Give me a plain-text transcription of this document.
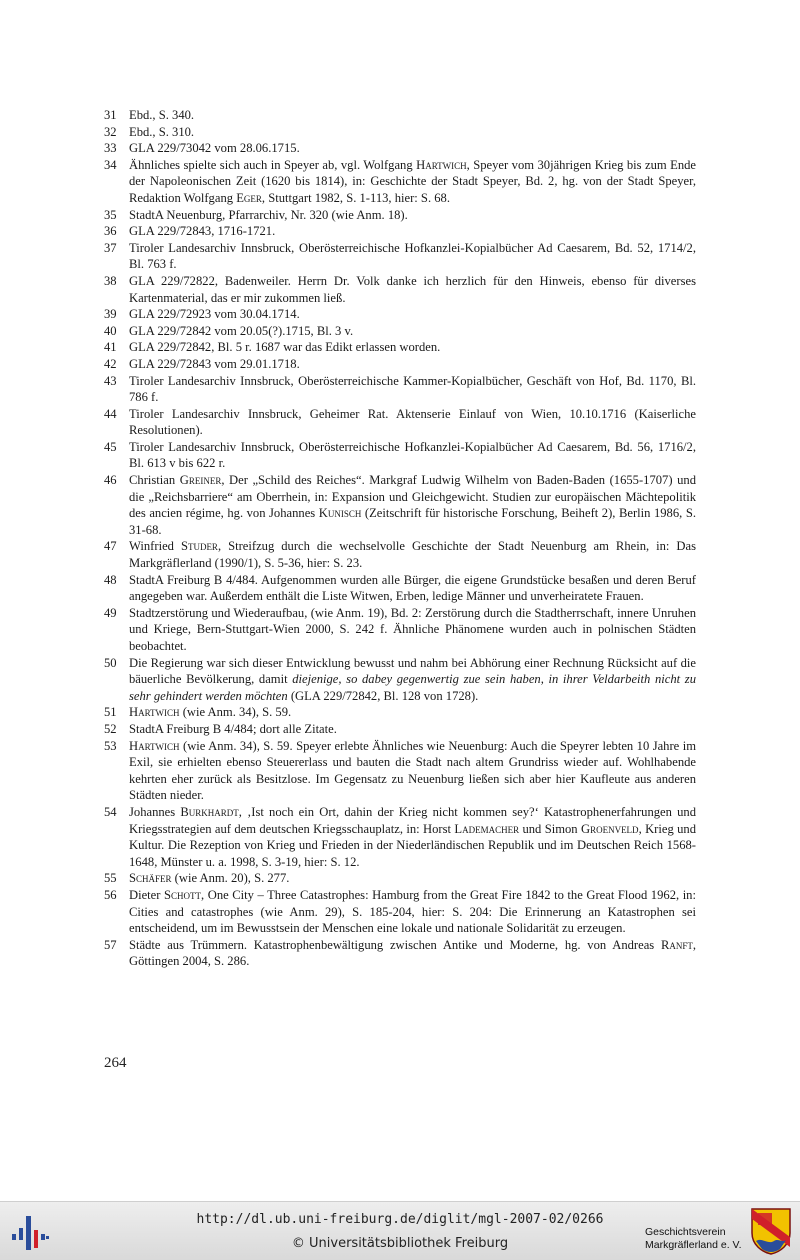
31 Ebd., S. 340.

32 Ebd., S. 310.

33 GLA 229/73042 vom 28.06.1715.

34 Ähnliches spielte sich auch in Speyer ab, vgl. Wolfgang Hartwich, Speyer vom 30jährigen Krieg bis zum Ende der Napoleonischen Zeit (1620 bis 1814), in: Geschichte der Stadt Speyer, Bd. 2, hg. von der Stadt Speyer, Redaktion Wolfgang Eger, Stuttgart 1982, S. 1-113, hier: S. 68.

35 StadtA Neuenburg, Pfarrarchiv, Nr. 320 (wie Anm. 18).

36 GLA 229/72843, 1716-1721.

37 Tiroler Landesarchiv Innsbruck, Oberösterreichische Hofkanzlei-Kopialbücher Ad Caesarem, Bd. 52, 1714/2, Bl. 763 f.

38 GLA 229/72822, Badenweiler. Herrn Dr. Volk danke ich herzlich für den Hinweis, ebenso für diverses Kartenmaterial, das er mir zukommen ließ.

39 GLA 229/72923 vom 30.04.1714.

40 GLA 229/72842 vom 20.05(?).1715, Bl. 3 v.

41 GLA 229/72842, Bl. 5 r. 1687 war das Edikt erlassen worden.

42 GLA 229/72843 vom 29.01.1718.

43 Tiroler Landesarchiv Innsbruck, Oberösterreichische Kammer-Kopialbücher, Geschäft von Hof, Bd. 1170, Bl. 786 f.

44 Tiroler Landesarchiv Innsbruck, Geheimer Rat. Aktenserie Einlauf von Wien, 10.10.1716 (Kaiserliche Resolutionen).

45 Tiroler Landesarchiv Innsbruck, Oberösterreichische Hofkanzlei-Kopialbücher Ad Caesarem, Bd. 56, 1716/2, Bl. 613 v bis 622 r.

46 Christian Greiner, Der „Schild des Reiches“. Markgraf Ludwig Wilhelm von Baden-Baden (1655-1707) und die „Reichsbarriere“ am Oberrhein, in: Expansion und Gleichgewicht. Studien zur europäischen Mächtepolitik des ancien régime, hg. von Johannes Kunisch (Zeitschrift für historische Forschung, Beiheft 2), Berlin 1986, S. 31-68.

47 Winfried Studer, Streifzug durch die wechselvolle Geschichte der Stadt Neuenburg am Rhein, in: Das Markgräflerland (1990/1), S. 5-36, hier: S. 23.

48 StadtA Freiburg B 4/484. Aufgenommen wurden alle Bürger, die eigene Grundstücke besaßen und deren Beruf angegeben war. Außerdem enthält die Liste Witwen, Erben, ledige Männer und unverheiratete Frauen.

49 Stadtzerstörung und Wiederaufbau, (wie Anm. 19), Bd. 2: Zerstörung durch die Stadtherrschaft, innere Unruhen und Kriege, Bern-Stuttgart-Wien 2000, S. 242 f. Ähnliche Phänomene wurden auch in polnischen Städten beobachtet.

50 Die Regierung war sich dieser Entwicklung bewusst und nahm bei Abhörung einer Rechnung Rücksicht auf die bäuerliche Bevölkerung, damit diejenige, so dabey gegenwertig zue sein haben, in ihrer Veldarbeith nicht zu sehr gehindert werden möchten (GLA 229/72842, Bl. 128 von 1728).

51 Hartwich (wie Anm. 34), S. 59.

52 StadtA Freiburg B 4/484; dort alle Zitate.

53 Hartwich (wie Anm. 34), S. 59. Speyer erlebte Ähnliches wie Neuenburg: Auch die Speyrer lebten 10 Jahre im Exil, sie erhielten ebenso Steuererlass und bauten die Stadt nach altem Grundriss wieder auf. Wohlhabende kehrten eher zurück als Besitzlose. Im Gegensatz zu Neuenburg ließen sich aber hier Kaufleute aus anderen Städten nieder.

54 Johannes Burkhardt, ‚Ist noch ein Ort, dahin der Krieg nicht kommen sey?‘ Katastrophenerfahrungen und Kriegsstrategien auf dem deutschen Kriegsschauplatz, in: Horst Lademacher und Simon Groenveld, Krieg und Kultur. Die Rezeption von Krieg und Frieden in der Niederländischen Republik und im Deutschen Reich 1568-1648, Münster u. a. 1998, S. 3-19, hier: S. 12.

55 Schäfer (wie Anm. 20), S. 277.

56 Dieter Schott, One City – Three Catastrophes: Hamburg from the Great Fire 1842 to the Great Flood 1962, in: Cities and catastrophes (wie Anm. 29), S. 185-204, hier: S. 204: Die Erinnerung an Katastrophen sei entscheidend, um im Bewusstsein der Menschen eine lokale und nationale Solidarität zu erzeugen.

57 Städte aus Trümmern. Katastrophenbewältigung zwischen Antike und Moderne, hg. von Andreas Ranft, Göttingen 2004, S. 286.

264
http://dl.ub.uni-freiburg.de/diglit/mgl-2007-02/0266
© Universitätsbibliothek Freiburg
Geschichtsverein
Markgräflerland e. V.
